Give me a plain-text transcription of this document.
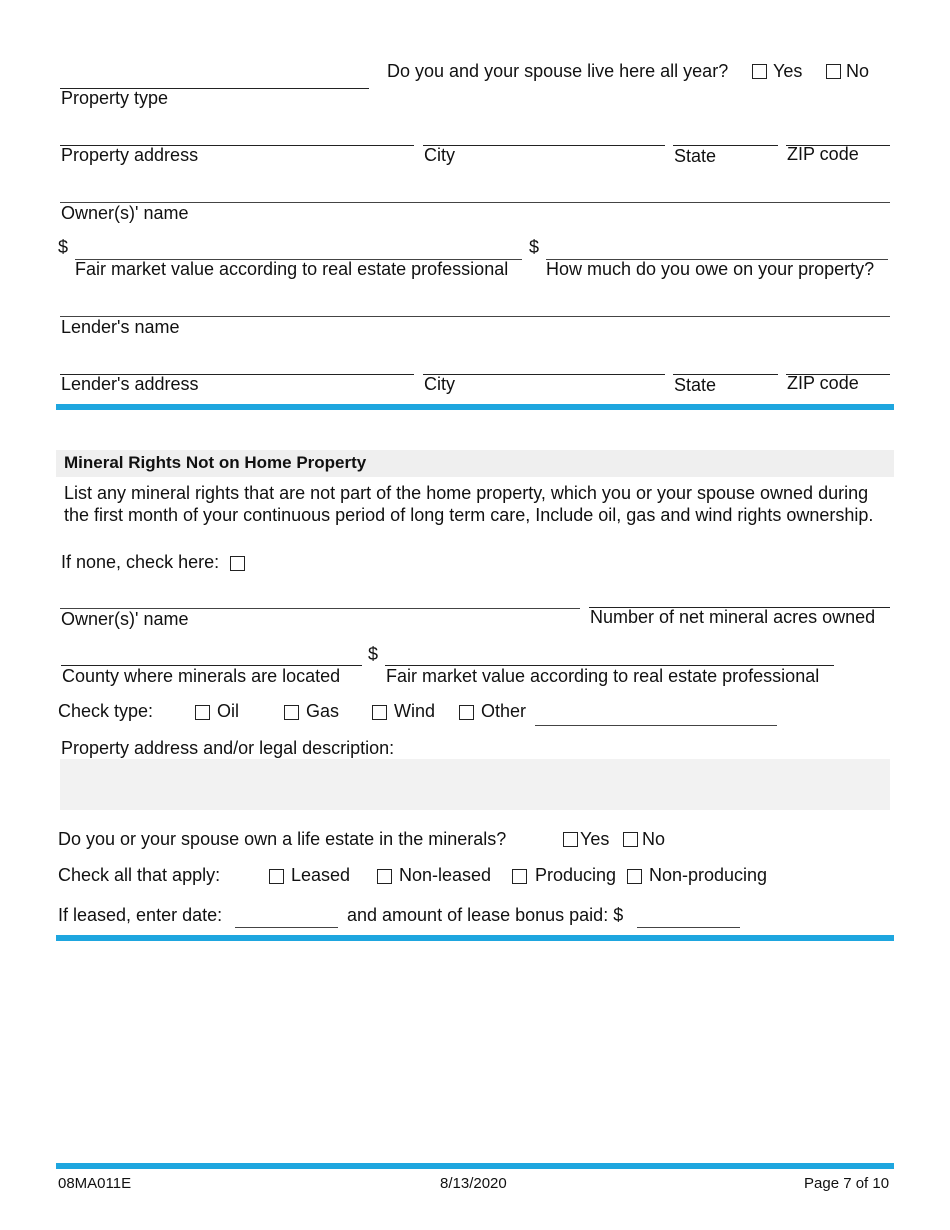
Property type
Do you and your spouse live here all year? Yes No
Property address	City	State	ZIP code
Owner(s)' name
$
Fair market value according to real estate professional
$
How much do you owe on your property?
Lender's name
Lender's address	City	State	ZIP code
Mineral Rights Not on Home Property
List any mineral rights that are not part of the home property, which you or your spouse owned during the first month of your continuous period of long term care, Include oil, gas and wind rights ownership.
If none, check here:
Owner(s)' name	Number of net mineral acres owned
County where minerals are located
$
Fair market value according to real estate professional
Check type:	Oil	Gas	Wind	Other
Property address and/or legal description:
Do you or your spouse own a life estate in the minerals?	Yes No
Check all that apply:	Leased	Non-leased Producing Non-producing
If leased, enter date:	and amount of lease bonus paid: $
08MA011E	8/13/2020	Page 7 of 10
